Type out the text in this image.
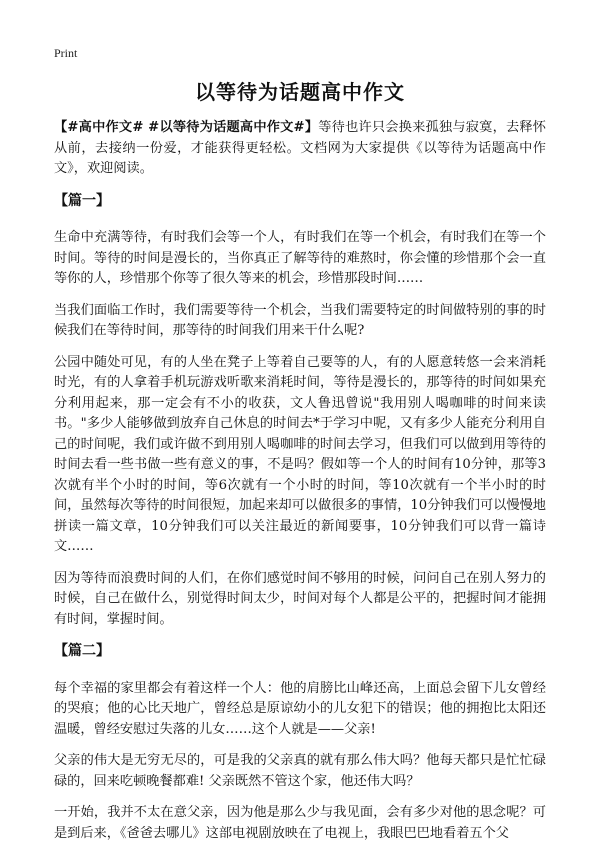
Print
以等待为话题高中作文

【#高中作文# #以等待为话题高中作文#】等待也许只会换来孤独与寂寞，去释怀从前，去接纳一份爱，才能获得更轻松。文档网为大家提供《以等待为话题高中作文》，欢迎阅读。

【篇一】

生命中充满等待，有时我们会等一个人，有时我们在等一个机会，有时我们在等一个时间。等待的时间是漫长的，当你真正了解等待的难熬时，你会懂的珍惜那个会一直等你的人，珍惜那个你等了很久等来的机会，珍惜那段时间……

当我们面临工作时，我们需要等待一个机会，当我们需要特定的时间做特别的事的时候我们在等待时间，那等待的时间我们用来干什么呢?

公园中随处可见，有的人坐在凳子上等着自己要等的人，有的人愿意转悠一会来消耗时光，有的人拿着手机玩游戏听歌来消耗时间，等待是漫长的，那等待的时间如果充分利用起来，那一定会有不小的收获，文人鲁迅曾说"我用别人喝咖啡的时间来读书。"多少人能够做到放弃自己休息的时间去*于学习中呢，又有多少人能充分利用自己的时间呢，我们或许做不到用别人喝咖啡的时间去学习，但我们可以做到用等待的时间去看一些书做一些有意义的事，不是吗？假如等一个人的时间有10分钟，那等3次就有半个小时的时间，等6次就有一个小时的时间，等10次就有一个半小时的时间，虽然每次等待的时间很短，加起来却可以做很多的事情，10分钟我们可以慢慢地拼读一篇文章，10分钟我们可以关注最近的新闻要事，10分钟我们可以背一篇诗文……

因为等待而浪费时间的人们，在你们感觉时间不够用的时候，问问自己在别人努力的时候，自己在做什么，别觉得时间太少，时间对每个人都是公平的，把握时间才能拥有时间，掌握时间。

【篇二】

每个幸福的家里都会有着这样一个人：他的肩膀比山峰还高，上面总会留下儿女曾经的哭痕；他的心比天地广，曾经总是原谅幼小的儿女犯下的错误；他的拥抱比太阳还温暖，曾经安慰过失落的儿女……这个人就是——父亲!

父亲的伟大是无穷无尽的，可是我的父亲真的就有那么伟大吗？他每天都只是忙忙碌碌的，回来吃顿晚餐都难! 父亲既然不管这个家，他还伟大吗？

一开始，我并不太在意父亲，因为他是那么少与我见面，会有多少对他的思念呢？可是到后来，《爸爸去哪儿》这部电视剧放映在了电视上，我眼巴巴地看着五个父
